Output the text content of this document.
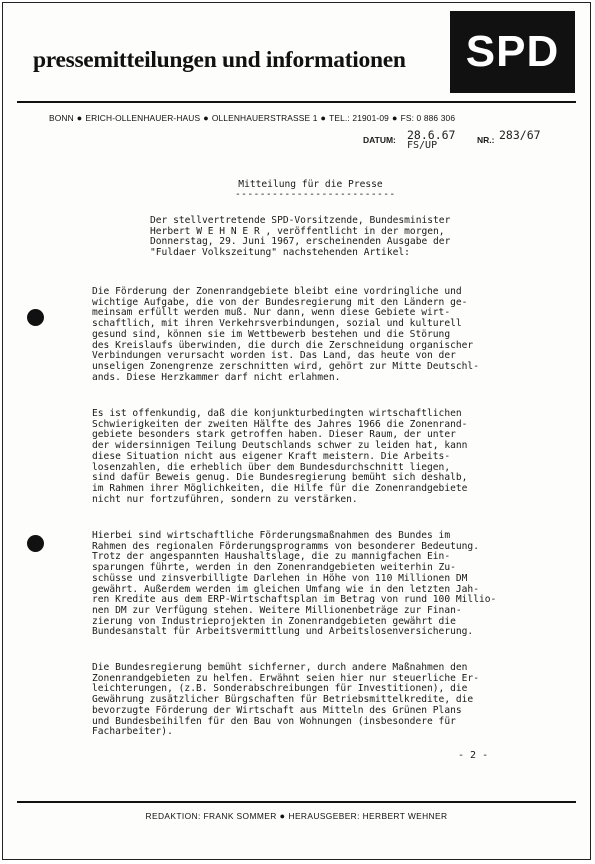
pressemitteilungen und informationen	SPD
BONN ● ERICH-OLLENHAUER-HAUS ● OLLENHAUERSTRASSE 1 ● TEL.: 21901-09 ● FS: 0 886 306
DATUM: 28.6.67	NR.: 283/67
FS/UP
Mitteilung für die Presse
--------------------------
Der stellvertretende SPD-Vorsitzende, Bundesminister
Herbert W E H N E R , veröffentlicht in der morgen,
Donnerstag, 29. Juni 1967, erscheinenden Ausgabe der
"Fuldaer Volkszeitung" nachstehenden Artikel:
Die Förderung der Zonenrandgebiete bleibt eine vordringliche und
wichtige Aufgabe, die von der Bundesregierung mit den Ländern ge-
meinsam erfüllt werden muß. Nur dann, wenn diese Gebiete wirt-
schaftlich, mit ihren Verkehrsverbindungen, sozial und kulturell
gesund sind, können sie im Wettbewerb bestehen und die Störung
des Kreislaufs überwinden, die durch die Zerschneidung organischer
Verbindungen verursacht worden ist. Das Land, das heute von der
unseligen Zonengrenze zerschnitten wird, gehört zur Mitte Deutschl-
ands. Diese Herzkammer darf nicht erlahmen.
Es ist offenkundig, daß die konjunkturbedingten wirtschaftlichen
Schwierigkeiten der zweiten Hälfte des Jahres 1966 die Zonenrand-
gebiete besonders stark getroffen haben. Dieser Raum, der unter
der widersinnigen Teilung Deutschlands schwer zu leiden hat, kann
diese Situation nicht aus eigener Kraft meistern. Die Arbeits-
losenzahlen, die erheblich über dem Bundesdurchschnitt liegen,
sind dafür Beweis genug. Die Bundesregierung bemüht sich deshalb,
im Rahmen ihrer Möglichkeiten, die Hilfe für die Zonenrandgebiete
nicht nur fortzuführen, sondern zu verstärken.
Hierbei sind wirtschaftliche Förderungsmaßnahmen des Bundes im
Rahmen des regionalen Förderungsprogramms von besonderer Bedeutung.
Trotz der angespannten Haushaltslage, die zu mannigfachen Ein-
sparungen führte, werden in den Zonenrandgebieten weiterhin Zu-
schüsse und zinsverbilligte Darlehen in Höhe von 110 Millionen DM
gewährt. Außerdem werden im gleichen Umfang wie in den letzten Jah-
ren Kredite aus dem ERP-Wirtschaftsplan im Betrag von rund 100 Millio-
nen DM zur Verfügung stehen. Weitere Millionenbeträge zur Finan-
zierung von Industrieprojekten in Zonenrandgebieten gewährt die
Bundesanstalt für Arbeitsvermittlung und Arbeitslosenversicherung.
Die Bundesregierung bemüht sichferner, durch andere Maßnahmen den
Zonenrandgebieten zu helfen. Erwähnt seien hier nur steuerliche Er-
leichterungen, (z.B. Sonderabschreibungen für Investitionen), die
Gewährung zusätzlicher Bürgschaften für Betriebsmittelkredite, die
bevorzugte Förderung der Wirtschaft aus Mitteln des Grünen Plans
und Bundesbeihilfen für den Bau von Wohnungen (insbesondere für
Facharbeiter).
- 2 -
REDAKTION: FRANK SOMMER ● HERAUSGEBER: HERBERT WEHNER
